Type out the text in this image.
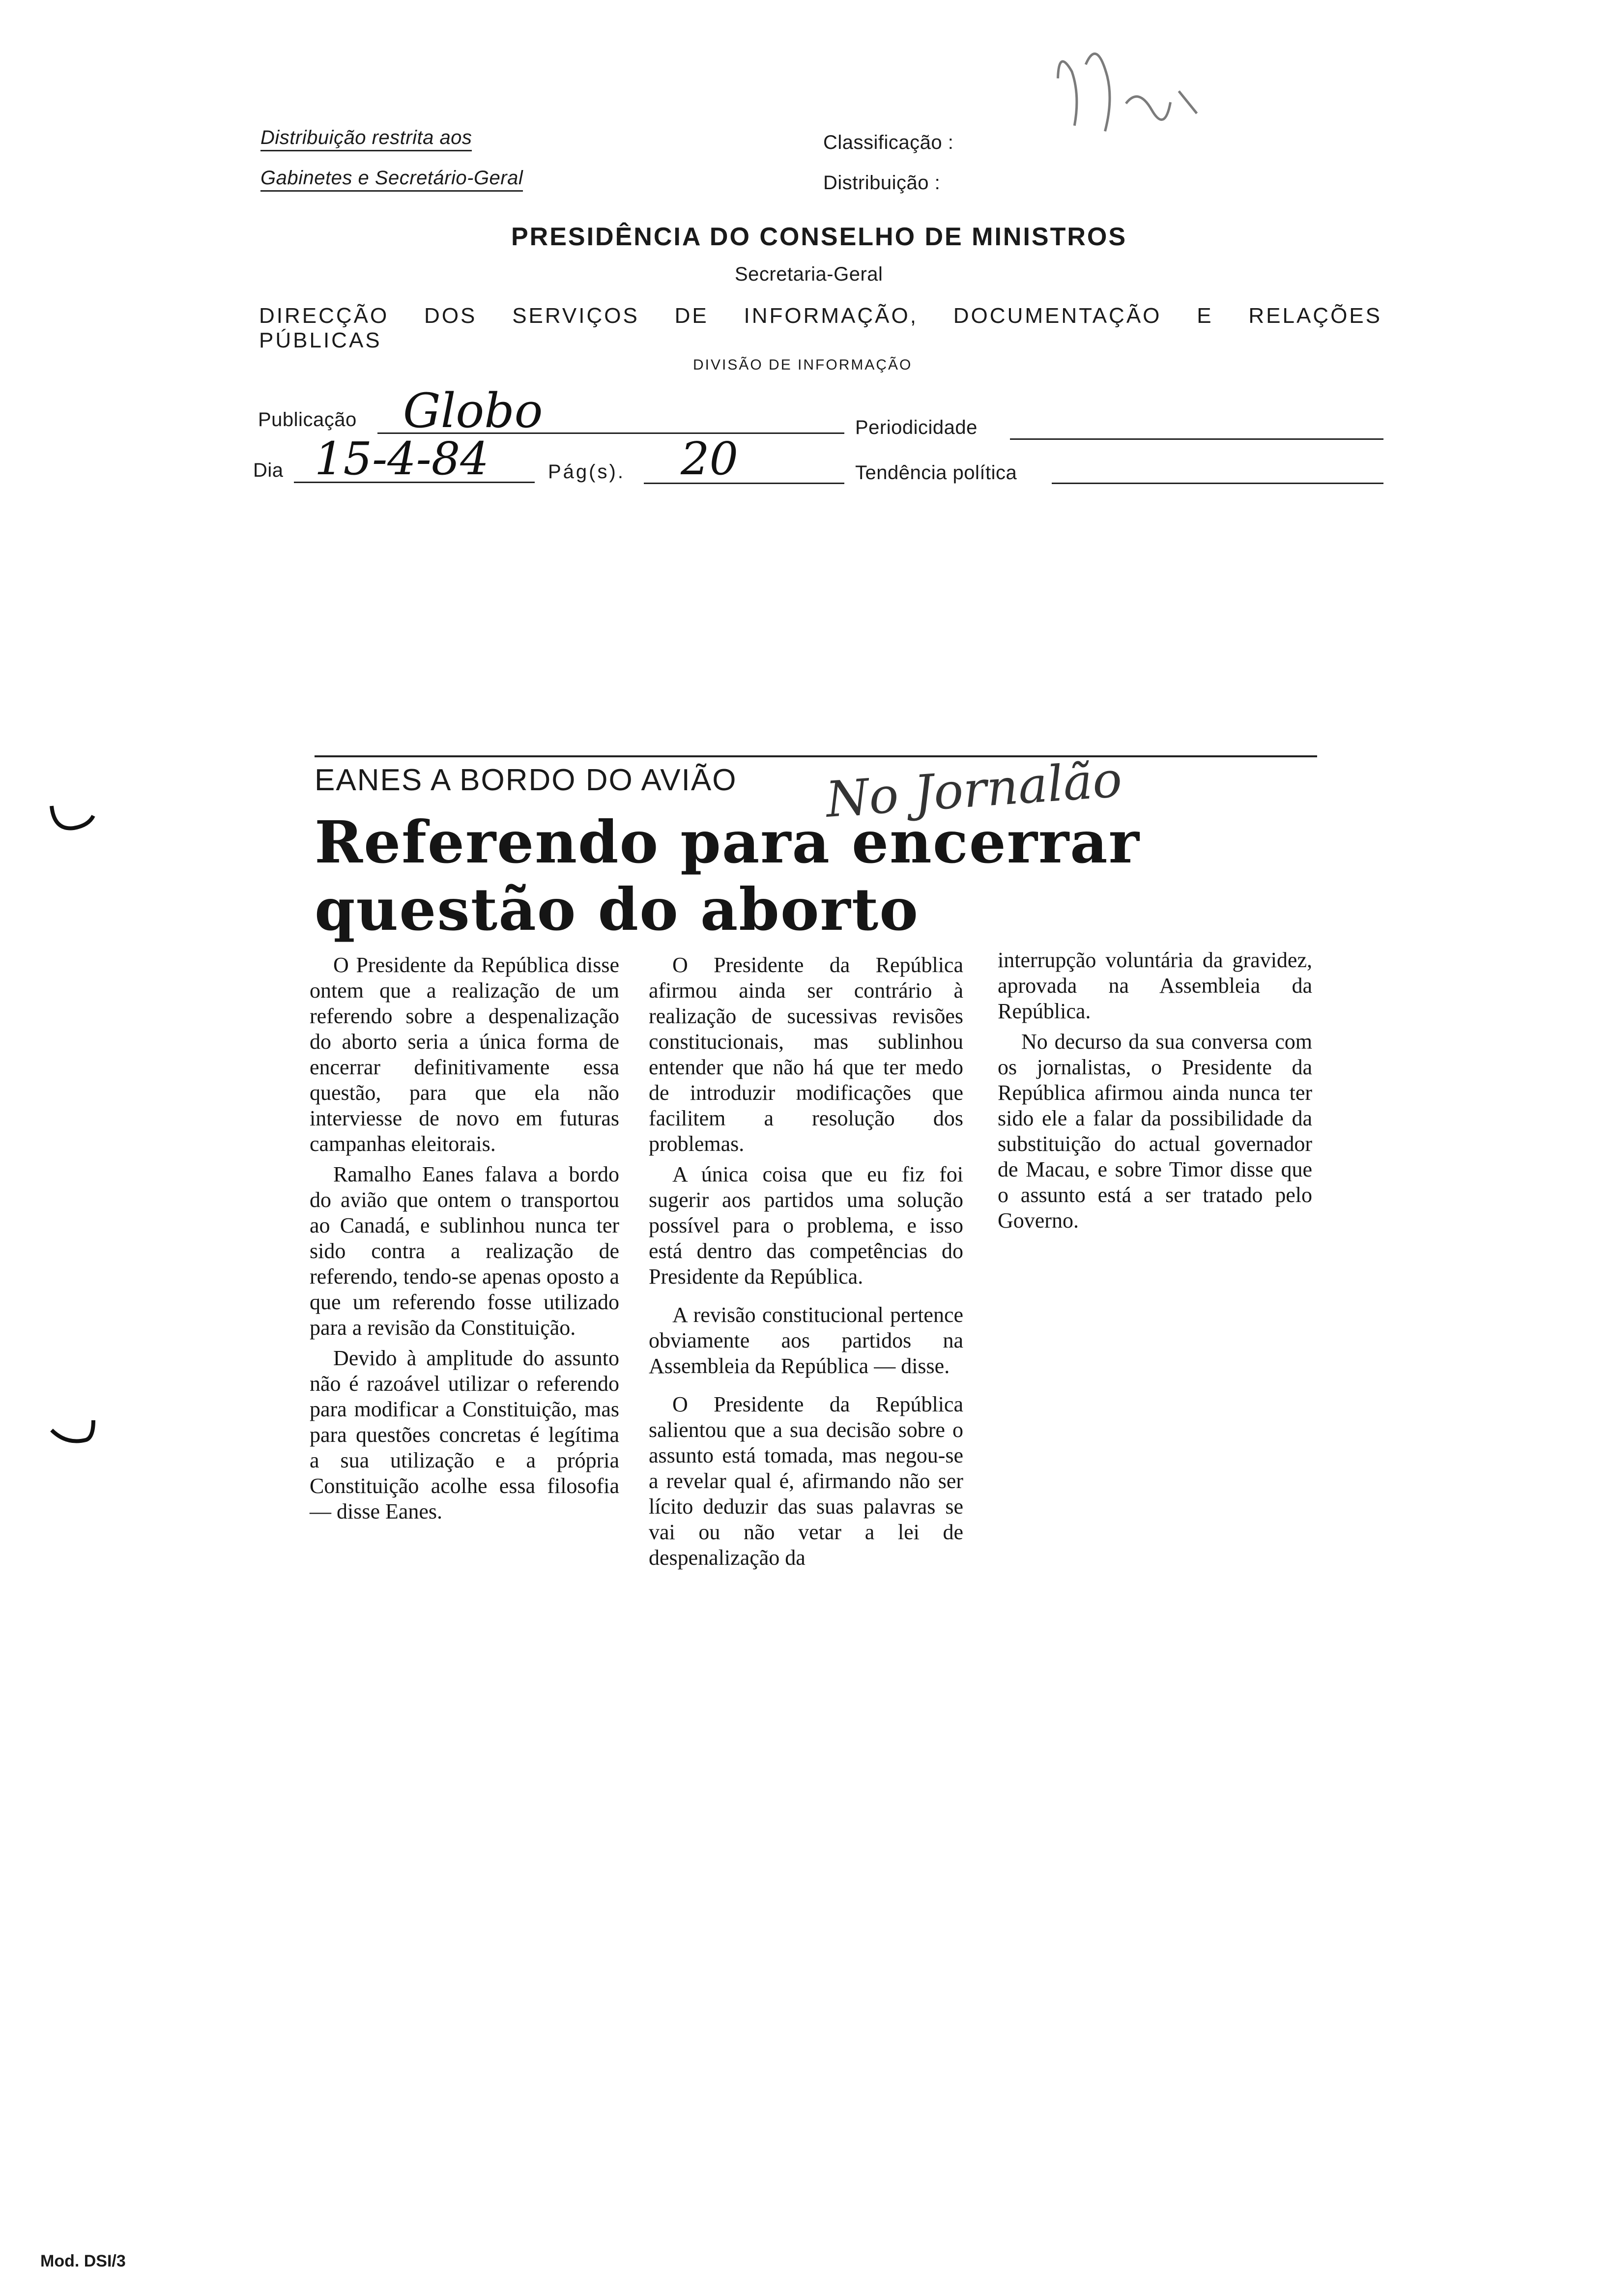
Distribuição restrita aos
Gabinetes e Secretário-Geral
Classificação :
Distribuição :
PRESIDÊNCIA DO CONSELHO DE MINISTROS
Secretaria-Geral
DIRECÇÃO DOS SERVIÇOS DE INFORMAÇÃO, DOCUMENTAÇÃO E RELAÇÕES PÚBLICAS
DIVISÃO DE INFORMAÇÃO
Publicação Globo	Periodicidade
Dia 15-4-84	Pág(s). 20	Tendência política
EANES A BORDO DO AVIÃO No Jornalão
Referendo para encerrar
questão do aborto

O Presidente da República disse ontem que a realização de um referendo sobre a despenalização do aborto seria a única forma de encerrar definitivamente essa questão, para que ela não interviesse de novo em futuras campanhas eleitorais.

Ramalho Eanes falava a bordo do avião que ontem o transportou ao Canadá, e sublinhou nunca ter sido contra a realização de referendo, tendo-se apenas oposto a que um referendo fosse utilizado para a revisão da Constituição.

Devido à amplitude do assunto não é razoável utilizar o referendo para modificar a Constituição, mas para questões concretas é legítima a sua utilização e a própria Constituição acolhe essa filosofia — disse Eanes.

O Presidente da República afirmou ainda ser contrário à realização de sucessivas revisões constitucionais, mas sublinhou entender que não há que ter medo de introduzir modificações que facilitem a resolução dos problemas.

A única coisa que eu fiz foi sugerir aos partidos uma solução possível para o problema, e isso está dentro das competências do Presidente da República.

A revisão constitucional pertence obviamente aos partidos na Assembleia da República — disse.

O Presidente da República salientou que a sua decisão sobre o assunto está tomada, mas negou-se a revelar qual é, afirmando não ser lícito deduzir das suas palavras se vai ou não vetar a lei de despenalização da

interrupção voluntária da gravidez, aprovada na Assembleia da República.

No decurso da sua conversa com os jornalistas, o Presidente da República afirmou ainda nunca ter sido ele a falar da possibilidade da substituição do actual governador de Macau, e sobre Timor disse que o assunto está a ser tratado pelo Governo.

Mod. DSI/3
